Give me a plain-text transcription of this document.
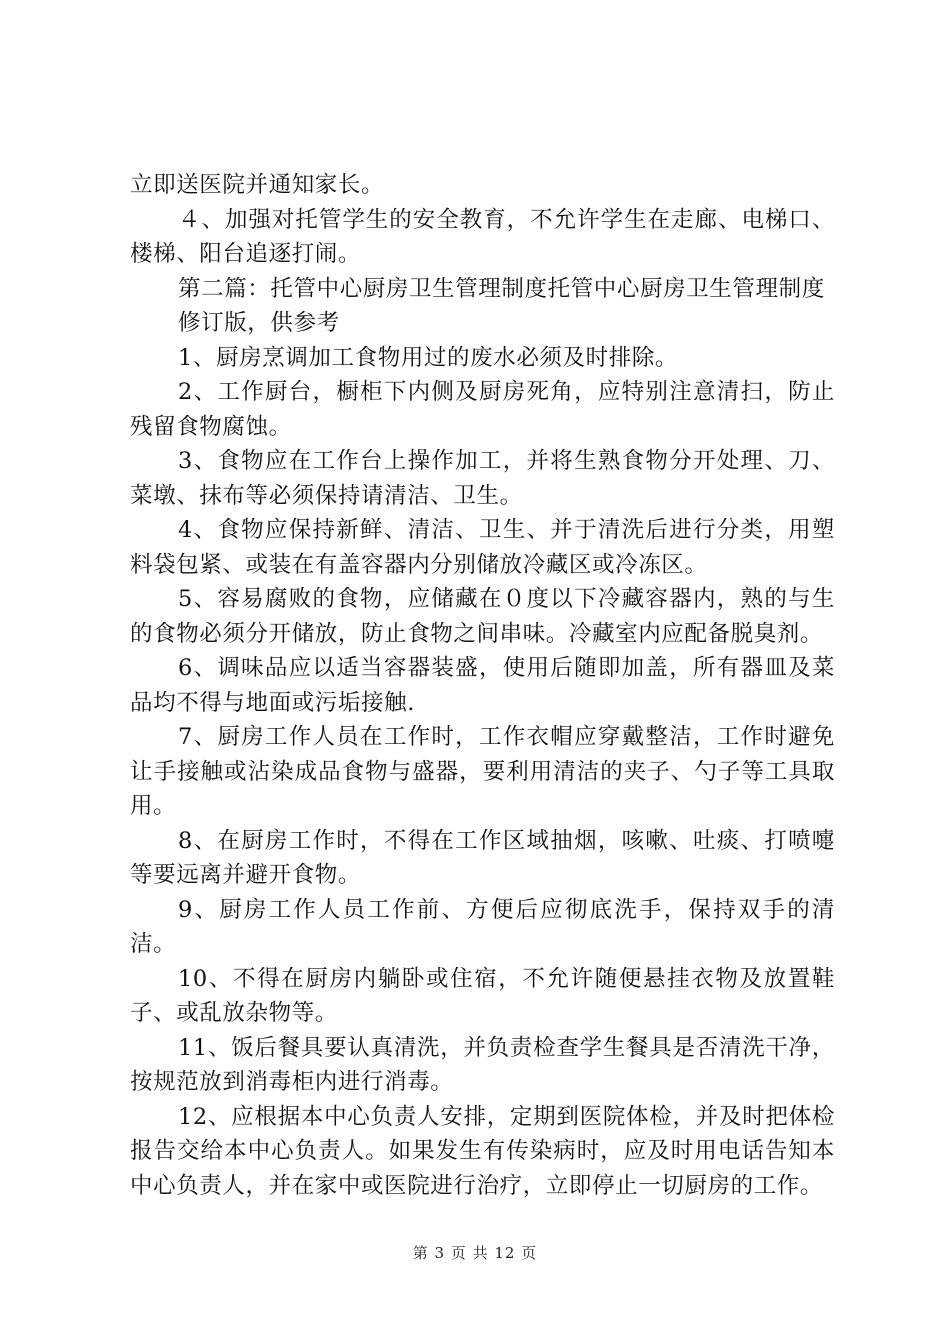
立即送医院并通知家长。

４、加强对托管学生的安全教育，不允许学生在走廊、电梯口、楼梯、阳台追逐打闹。

第二篇：托管中心厨房卫生管理制度托管中心厨房卫生管理制度

修订版，供参考

1、厨房烹调加工食物用过的废水必须及时排除。

2、工作厨台，橱柜下内侧及厨房死角，应特别注意清扫，防止残留食物腐蚀。

3、食物应在工作台上操作加工，并将生熟食物分开处理、刀、菜墩、抹布等必须保持请清洁、卫生。

4、食物应保持新鲜、清洁、卫生、并于清洗后进行分类，用塑料袋包紧、或装在有盖容器内分别储放冷藏区或冷冻区。

5、容易腐败的食物，应储藏在０度以下冷藏容器内，熟的与生的食物必须分开储放，防止食物之间串味。冷藏室内应配备脱臭剂。

6、调味品应以适当容器装盛，使用后随即加盖，所有器皿及菜品均不得与地面或污垢接触.

7、厨房工作人员在工作时，工作衣帽应穿戴整洁，工作时避免让手接触或沾染成品食物与盛器，要利用清洁的夹子、勺子等工具取用。

8、在厨房工作时，不得在工作区域抽烟，咳嗽、吐痰、打喷嚏等要远离并避开食物。

9、厨房工作人员工作前、方便后应彻底洗手，保持双手的清洁。

10、不得在厨房内躺卧或住宿，不允许随便悬挂衣物及放置鞋子、或乱放杂物等。

11、饭后餐具要认真清洗，并负责检查学生餐具是否清洗干净，按规范放到消毒柜内进行消毒。

12、应根据本中心负责人安排，定期到医院体检，并及时把体检报告交给本中心负责人。如果发生有传染病时，应及时用电话告知本中心负责人，并在家中或医院进行治疗，立即停止一切厨房的工作。

第 3 页 共 12 页
